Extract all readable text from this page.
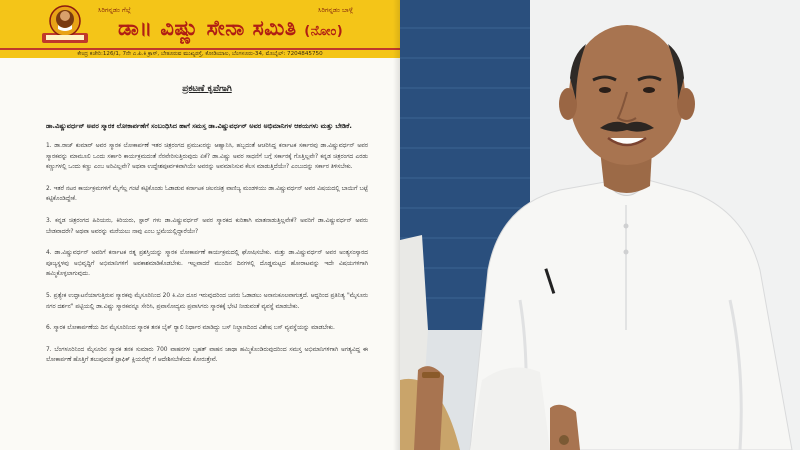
ಸಿರಿಗನ್ನಡಂ ಗೆಲ್ಗೆ	ಸಿರಿಗನ್ನಡಂ ಬಾಳ್ಗೆ
ಡಾ॥ ವಿಷ್ಣು ಸೇನಾ ಸಮಿತಿ (ನೋಂ)
ಕೇಂದ್ರ ಕಚೇರಿ:126/1, 7ನೇ ಎ.ಪಿ.ಕಿ ಕ್ರಾಸ್, ಬೇತೂರುವ ಮುಖ್ಯರಸ್ತೆ, ಕೋಡಿಯಾಲ, ಬೆಂಗಳೂರು-34, ಮೊಬೈಲ್: 7204845750
ಪ್ರಕಟಣೆ ಕೃಪೆಗಾಗಿ
ಡಾ.ವಿಷ್ಣುವರ್ಧನ್ ಅವರ ಸ್ಮಾರಕ ಲೋಕಾರ್ಪಣೆಗೆ ಸಂಬಂಧಿಸಿದ ಹಾಗೆ ಸಮಸ್ತ ಡಾ.ವಿಷ್ಣುವರ್ಧನ್ ಅವರ ಅಭಿಮಾನಿಗಳ ಆಶಯಗಳು ಮತ್ತು ಬೇಡಿಕೆ.

1. ಡಾ.ರಾಜ್ ಕುಮಾರ್ ಅವರ ಸ್ಮಾರಕ ಲೋಕಾರ್ಪಣೆ ಇತರ ಚಿತ್ರರಂಗದ ಪ್ರಮುಖರನ್ನು ಆಹ್ವಾನಿಸಿ, ಹಬ್ಬದಂತೆ ಆಚರಿಸಿದ್ದ ಕರ್ನಾಟಕ ಸರ್ಕಾರವು ಡಾ.ವಿಷ್ಣುವರ್ಧನ್ ಅವರ ಸ್ಮಾರಕವನ್ನು ಮಾಮೂಲಿ ಒಂದು ಸರ್ಕಾರಿ ಕಾರ್ಯಕ್ರಮದಂತೆ ನೆರವೇರಿಸುತ್ತಿರುವುದು ಏಕೆ? ಡಾ.ವಿಷ್ಣು ಅವರ ಸಾಧನೆಗೆ ಬಗ್ಗೆ ಸರ್ಕಾರಕ್ಕೆ ಗೊತ್ತಿಲ್ಲವೇ? ಕನ್ನಡ ಚಿತ್ರರಂಗದ ಎರಡು ಕಣ್ಣುಗಳಲ್ಲಿ ಒಂದು ಕಣ್ಣು ಎಂಬ ಅರಿವಿಲ್ಲವೇ? ಅಥವಾ ಉದ್ದೇಶಪೂರ್ವಕವಾಗಿಯೇ ಅವರನ್ನು ಅವಮಾನಿಸುವ ಕೆಲಸ ಮಾಡುತ್ತಿದೆಯೇ? ಎಂಬುದನ್ನು ಸರ್ಕಾರ ತಿಳಿಸಬೇಕು.

2. ಇತರೆ ನಟರ ಕಾರ್ಯಕ್ರಮಗಳಿಗೆ ಮೈಗೆಲ್ಲ ಗಂಟೆ ಕಟ್ಟಿಕೊಂಡು ಓಡಾಡುವ ಕರ್ನಾಟಕ ಚಲನಚಿತ್ರ ವಾಣಿಜ್ಯ ಮಂಡಳಿಯು ಡಾ.ವಿಷ್ಣುವರ್ಧನ್ ಅವರ ವಿಷಯದಲ್ಲಿ ಬಾಯಿಗೆ ಬಟ್ಟೆ ಕಟ್ಟಿಕೊಂಡಿದ್ದೇಕೆ.

3. ಕನ್ನಡ ಚಿತ್ರರಂಗದ ಹಿರಿಯರು, ಕಿರಿಯರು, ಸ್ಟಾರ್ ಗಳು ಡಾ.ವಿಷ್ಣುವರ್ಧನ್ ಅವರ ಸ್ಮಾರಕದ ಕುರಿತಾಗಿ ಮಾತನಾಡುತ್ತಿಲ್ಲವೇಕೆ? ಅವರಿಗೆ ಡಾ.ವಿಷ್ಣುವರ್ಧನ್ ಅವರು ಬೇಡವಾದರೇ? ಅಥವಾ ಅವರನ್ನು ಮರೆಯಲು ನಾವು ಎಂಬ ಭ್ರಮೆಯಲ್ಲಿದ್ದಾರೆಯೇ?

4. ಡಾ.ವಿಷ್ಣುವರ್ಧನ್ ಅವರಿಗೆ ಕರ್ನಾಟಕ ರತ್ನ ಪ್ರಶಸ್ತಿಯನ್ನು ಸ್ಮಾರಕ ಲೋಕಾರ್ಪಣೆ ಕಾರ್ಯಕ್ರಮದಲ್ಲಿ ಘೋಷಿಸಬೇಕು. ಮತ್ತು ಡಾ.ವಿಷ್ಣುವರ್ಧನ್ ಅವರ ಅಂತ್ಯಸಂಸ್ಕಾರದ ಪೂಜ್ಯಸ್ಥಳವು ಅಭಿವೃದ್ಧಿಗೆ ಅಭಿಮಾನಿಗಳಿಗೆ ಅವಕಾಶಮಾಡಿಕೊಡಬೇಕು. ಇಲ್ಲವಾದರೆ ಮುಂದಿನ ದಿನಗಳಲ್ಲಿ ದೊಡ್ಡಮಟ್ಟದ ಹೋರಾಟವನ್ನು ಇದೇ ವಿಷಯಗಳಿಗಾಗಿ ಹಮ್ಮಿಕೊಳ್ಳಲಾಗುವುದು.

5. ಪ್ರತ್ಯೇಕ ಉದ್ಘಾಟನೆಯಾಗುತ್ತಿರುವ ಸ್ಮಾರಕವು ಮೈಸೂರಿನಿಂದ 20 ಕಿ.ಮೀ ದೂರ ಇರುವುದರಿಂದ ಜನರು ಓಡಾಡಲು ಅನಾನುಕೂಲವಾಗುತ್ತದೆ. ಆದ್ದರಿಂದ ಪ್ರತಿನಿತ್ಯ "ಮೈಸೂರು ನಗರ ದರ್ಶನ" ಪಟ್ಟಿಯಲ್ಲಿ ಡಾ.ವಿಷ್ಣು ಸ್ಮಾರಕವನ್ನೂ ಸೇರಿಸಿ, ಪ್ರವಾಸೋದ್ಯಮ ಪ್ರವಾಸಿಗರು ಸ್ಮಾರಕಕ್ಕೆ ಭೇಟಿ ನೀಡುವಂತೆ ವ್ಯವಸ್ಥೆ ಮಾಡಬೇಕು.

6. ಸ್ಮಾರಕ ಲೋಕಾರ್ಪಣೆಯ ದಿನ ಮೈಸೂರಿನಿಂದ ಸ್ಮಾರಕ ತನಕ ಬೈಕ್ ರ‍್ಯಾಲಿ ನಿರ್ಧಾರ ಮಾಡಿದ್ದು ಬಸ್ ನಿಲ್ದಾಣದಿಂದ ವಿಶೇಷ ಬಸ್ ವ್ಯವಸ್ಥೆಯನ್ನು ಮಾಡಬೇಕು.

7. ಬೆಂಗಳೂರಿನಿಂದ ಮೈಸೂರಿನ ಸ್ಮಾರಕ ತನಕ ಸುಮಾರು 700 ವಾಹನಗಳ ಬೃಹತ್ ವಾಹನ ಜಾಥಾ ಹಮ್ಮಿಕೊಂಡಿರುವುದರಿಂದ ಸಮಸ್ತ ಅಭಿಮಾನಿಗಳಿಗಾಗಿ ಅಗತ್ಯವಿದ್ದ ಈ ಲೋಕಾರ್ಪಣೆ ಹೊತ್ತಿಗೆ ತಲುಪುವಂತೆ ಟ್ರಾಫಿಕ್ ಕ್ಲಿಯರೆನ್ಸ್ ಗೆ ಆದೇಶಿಸಬೇಕೆಂದು ಕೋರುತ್ತೇವೆ.
